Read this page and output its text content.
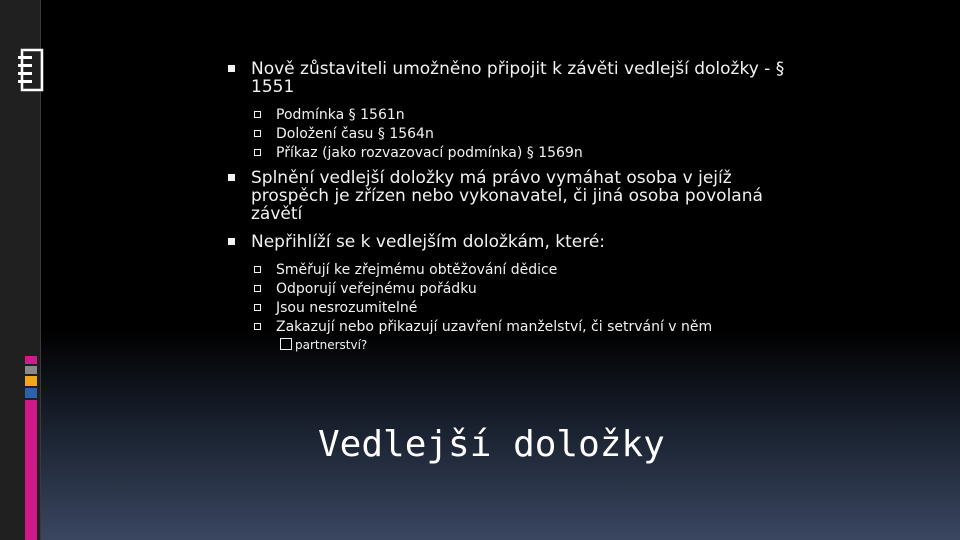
Nově zůstaviteli umožněno připojit k závěti vedlejší doložky - § 1551
Podmínka § 1561n
Doložení času § 1564n
Příkaz (jako rozvazovací podmínka) § 1569n
Splnění vedlejší doložky má právo vymáhat osoba v jejíž prospěch je zřízen nebo vykonavatel, či jiná osoba povolaná závětí
Nepřihlíží se k vedlejším doložkám, které:
Směřují ke zřejmému obtěžování dědice
Odporují veřejnému pořádku
Jsou nesrozumitelné
Zakazují nebo přikazují uzavření manželství, či setrvání v něm
partnerství?
Vedlejší doložky
